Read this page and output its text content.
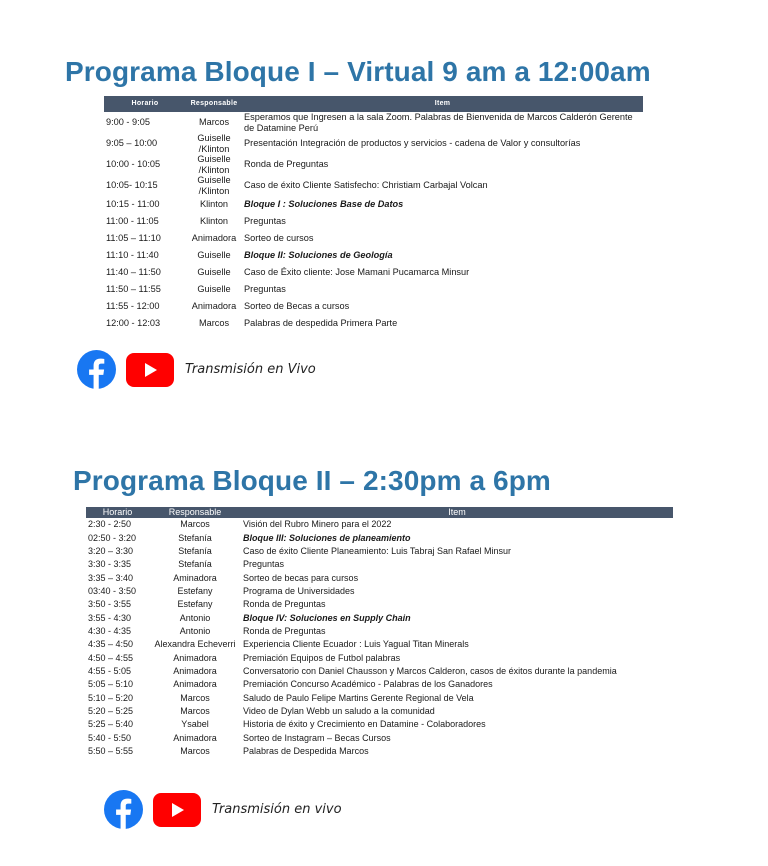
Programa Bloque I – Virtual 9 am a 12:00am
Horario	Responsable	Item
9:00 - 9:05	Marcos	Esperamos que Ingresen a la sala Zoom. Palabras de Bienvenida de Marcos Calderón Gerente de Datamine Perú
9:05 – 10:00	Guiselle /Klinton	Presentación Integración de productos y servicios - cadena de Valor y consultorías
10:00 - 10:05	Guiselle /Klinton	Ronda de Preguntas
10:05- 10:15	Guiselle /Klinton	Caso de éxito Cliente Satisfecho: Christiam Carbajal Volcan
10:15 - 11:00	Klinton	Bloque I : Soluciones Base de Datos
11:00 - 11:05	Klinton	Preguntas
11:05 – 11:10	Animadora	Sorteo de cursos
11:10 - 11:40	Guiselle	Bloque II: Soluciones de Geología
11:40 – 11:50	Guiselle	Caso de Éxito cliente: Jose Mamani Pucamarca Minsur
11:50 – 11:55	Guiselle	Preguntas
11:55 - 12:00	Animadora	Sorteo de Becas a cursos
12:00 - 12:03	Marcos	Palabras de despedida Primera Parte
Transmisión en Vivo
Programa Bloque II – 2:30pm a 6pm
Horario	Responsable	Item
2:30 - 2:50	Marcos	Visión del Rubro Minero para el 2022
02:50 - 3:20	Stefanía	Bloque III: Soluciones de planeamiento
3:20 – 3:30	Stefanía	Caso de éxito Cliente Planeamiento: Luis Tabraj San Rafael Minsur
3:30 - 3:35	Stefanía	Preguntas
3:35 – 3:40	Aminadora	Sorteo de becas para cursos
03:40 - 3:50	Estefany	Programa de Universidades
3:50 - 3:55	Estefany	Ronda de Preguntas
3:55 - 4:30	Antonio	Bloque IV: Soluciones en Supply Chain
4:30 - 4:35	Antonio	Ronda de Preguntas
4:35 – 4:50	Alexandra Echeverri	Experiencia Cliente Ecuador : Luis Yagual Titan Minerals
4:50 – 4:55	Animadora	Premiación Equipos de Futbol palabras
4:55 - 5:05	Animadora	Conversatorio con Daniel Chausson y Marcos Calderon, casos de éxitos durante la pandemia
5:05 – 5:10	Animadora	Premiación Concurso Académico - Palabras de los Ganadores
5:10 – 5:20	Marcos	Saludo de Paulo Felipe Martins Gerente Regional de Vela
5:20 – 5:25	Marcos	Video de Dylan Webb un saludo a la comunidad
5:25 – 5:40	Ysabel	Historia de éxito y Crecimiento en Datamine - Colaboradores
5:40 - 5:50	Animadora	Sorteo de Instagram – Becas Cursos
5:50 – 5:55	Marcos	Palabras de Despedida Marcos
Transmisión en vivo
